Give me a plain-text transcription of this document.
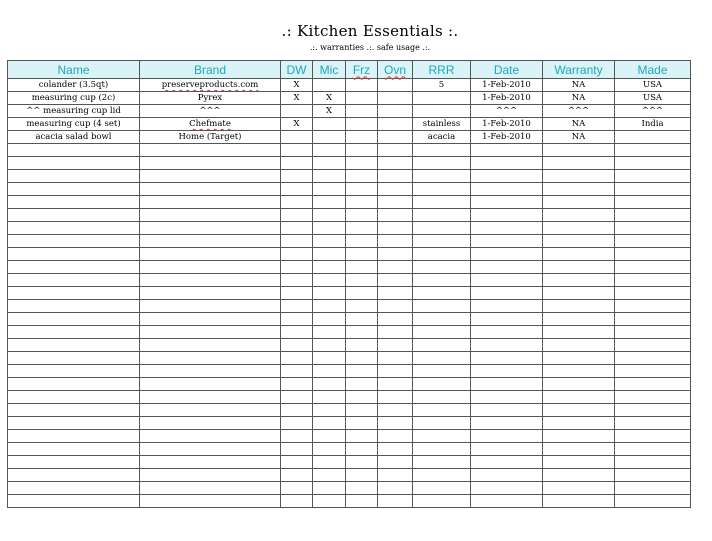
.: Kitchen Essentials :.
.:. warranties .:. safe usage .:.
Name	Brand	DW	Mic	Frz	Ovn	RRR	Date	Warranty	Made
colander (3.5qt)	preserveproducts.com	X				5	1-Feb-2010	NA	USA
measuring cup (2c)	Pyrex	X	X				1-Feb-2010	NA	USA
^^ measuring cup lid	^^^		X				^^^	^^^	^^^
measuring cup (4 set)	Chefmate	X				stainless	1-Feb-2010	NA	India
acacia salad bowl	Home (Target)					acacia	1-Feb-2010	NA	
